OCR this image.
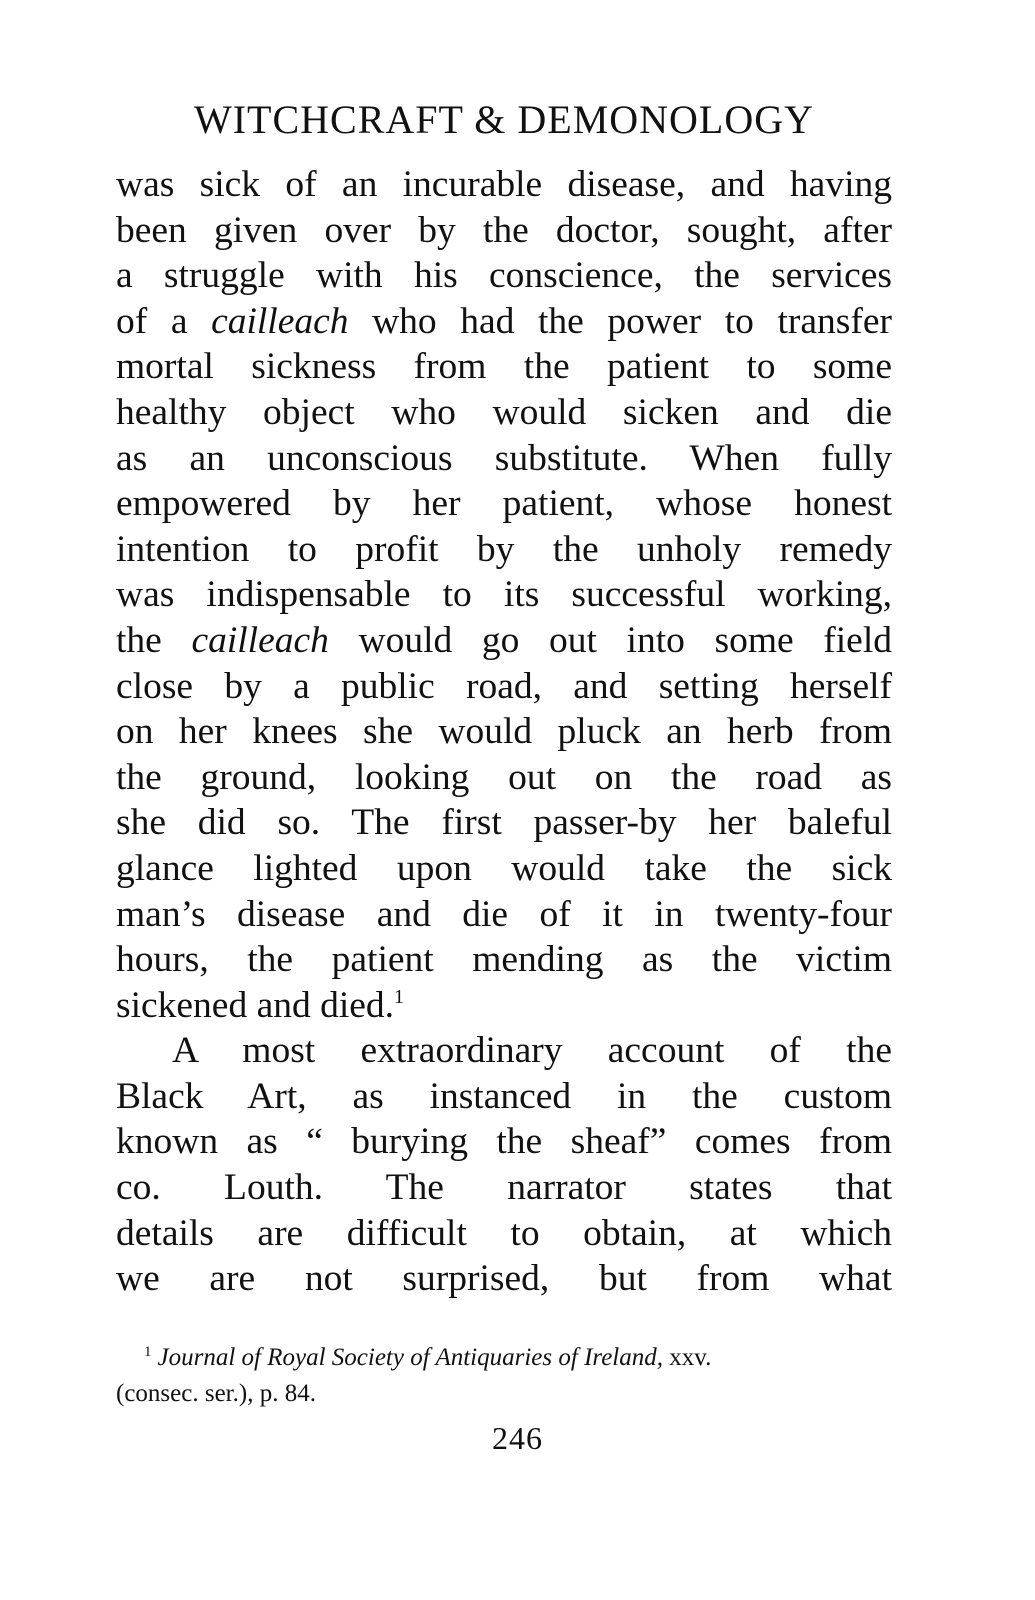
WITCHCRAFT & DEMONOLOGY
was sick of an incurable disease, and having
been given over by the doctor, sought, after
a struggle with his conscience, the services
of a cailleach who had the power to transfer
mortal sickness from the patient to some
healthy object who would sicken and die
as an unconscious substitute. When fully
empowered by her patient, whose honest
intention to profit by the unholy remedy
was indispensable to its successful working,
the cailleach would go out into some field
close by a public road, and setting herself
on her knees she would pluck an herb from
the ground, looking out on the road as
she did so. The first passer-by her baleful
glance lighted upon would take the sick
man’s disease and die of it in twenty-four
hours, the patient mending as the victim
sickened and died.$^1$
A most extraordinary account of the
Black Art, as instanced in the custom
known as “ burying the sheaf” comes from
co. Louth. The narrator states that
details are difficult to obtain, at which
we are not surprised, but from what
$^1$ Journal of Royal Society of Antiquaries of Ireland, xxv.
(consec. ser.), p. 84.
246
